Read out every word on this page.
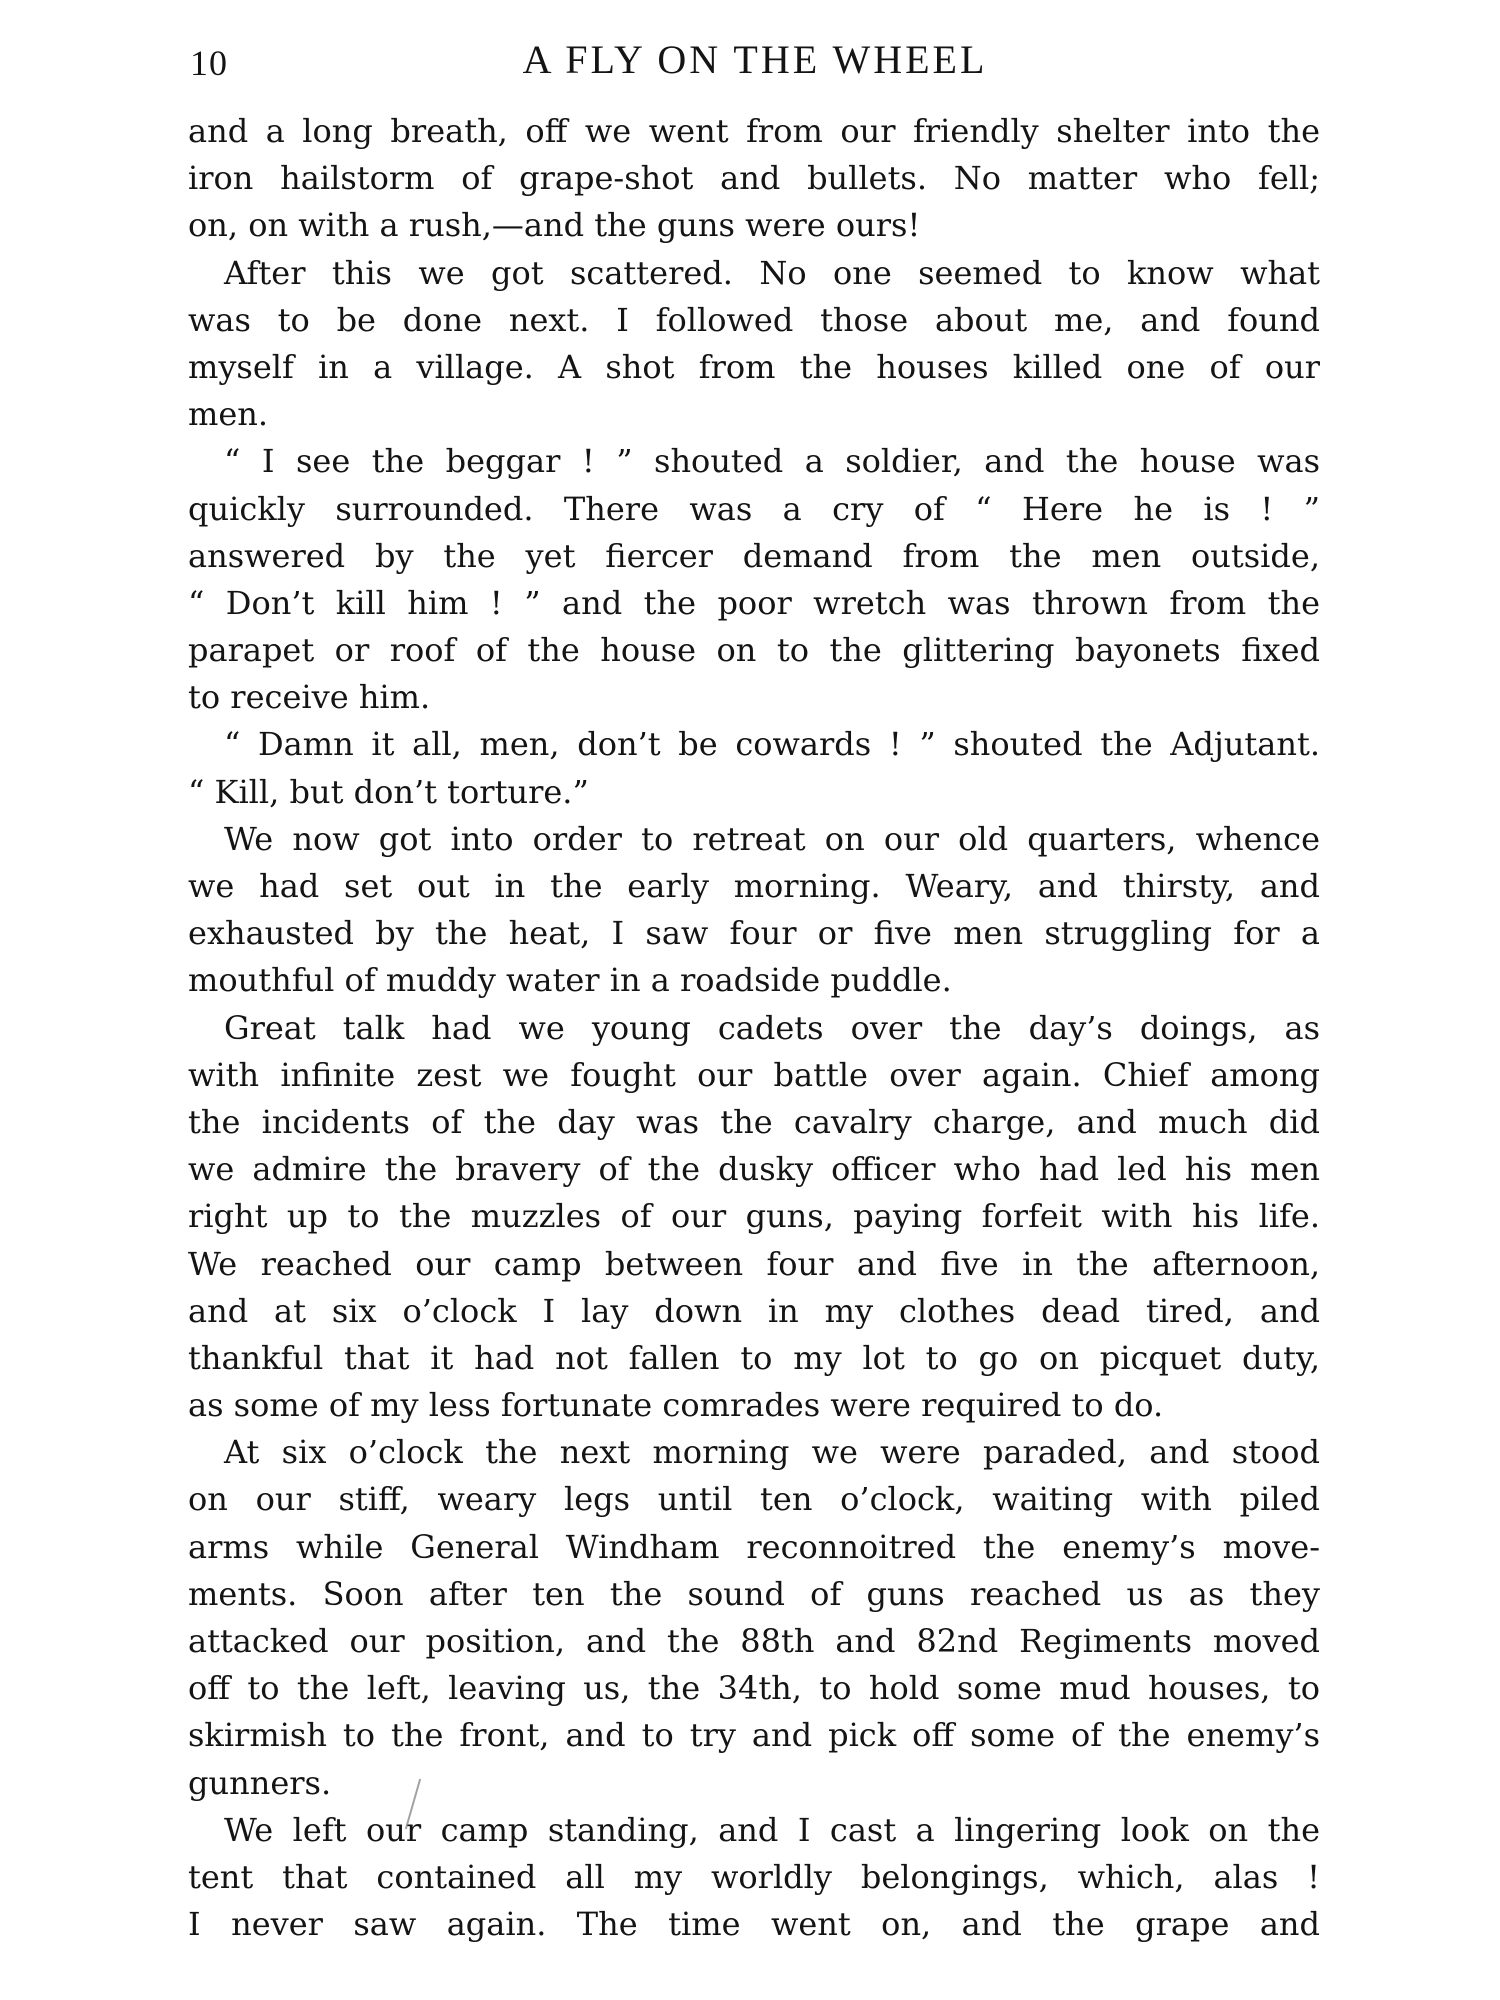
10	A FLY ON THE WHEEL

and a long breath, off we went from our friendly shelter into the
iron hailstorm of grape-shot and bullets. No matter who fell;
on, on with a rush,—and the guns were ours!

After this we got scattered. No one seemed to know what
was to be done next. I followed those about me, and found
myself in a village. A shot from the houses killed one of our
men.

“ I see the beggar ! ” shouted a soldier, and the house was
quickly surrounded. There was a cry of “ Here he is ! ”
answered by the yet fiercer demand from the men outside,
“ Don’t kill him ! ” and the poor wretch was thrown from the
parapet or roof of the house on to the glittering bayonets fixed
to receive him.

“ Damn it all, men, don’t be cowards ! ” shouted the Adjutant.
“ Kill, but don’t torture.”

We now got into order to retreat on our old quarters, whence
we had set out in the early morning. Weary, and thirsty, and
exhausted by the heat, I saw four or five men struggling for a
mouthful of muddy water in a roadside puddle.

Great talk had we young cadets over the day’s doings, as
with infinite zest we fought our battle over again. Chief among
the incidents of the day was the cavalry charge, and much did
we admire the bravery of the dusky officer who had led his men
right up to the muzzles of our guns, paying forfeit with his life.
We reached our camp between four and five in the afternoon,
and at six o’clock I lay down in my clothes dead tired, and
thankful that it had not fallen to my lot to go on picquet duty,
as some of my less fortunate comrades were required to do.

At six o’clock the next morning we were paraded, and stood
on our stiff, weary legs until ten o’clock, waiting with piled
arms while General Windham reconnoitred the enemy’s move-
ments. Soon after ten the sound of guns reached us as they
attacked our position, and the 88th and 82nd Regiments moved
off to the left, leaving us, the 34th, to hold some mud houses, to
skirmish to the front, and to try and pick off some of the enemy’s
gunners.

We left our camp standing, and I cast a lingering look on the
tent that contained all my worldly belongings, which, alas !
I never saw again. The time went on, and the grape and
